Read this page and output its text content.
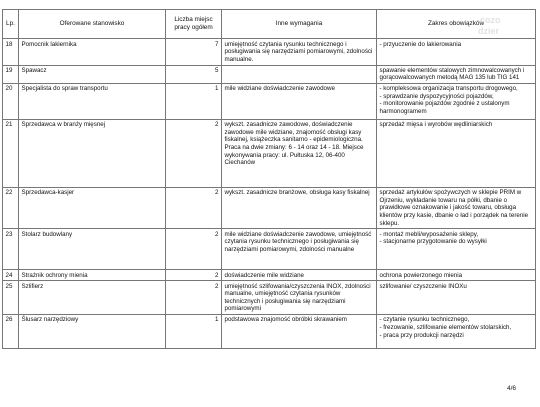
Lp.	Oferowane stanowisko	Liczba miejsc pracy ogółem	Inne wymagania	Zakres obowiązków
18	Pomocnik lakiernika	7	umiejętność czytania rysunku technicznego i posługiwania się narzędziami pomiarowymi, zdolności manualne.	- przyuczenie do lakierowania
19	Spawacz	5		spawanie elementów stalowych zimnowalcowanych i gorącowalcowanych metodą MAG 135 lub TIG 141
20	Specjalista do spraw transportu	1	mile widziane doświadczenie zawodowe	- kompleksowa organizacja transportu drogowego,
- sprawdzanie dyspozycyjności pojazdów,
- monitorowanie pojazdów zgodnie z ustalonym harmonogramem
21	Sprzedawca w branży mięsnej	2	wykszt. zasadnicze zawodowe, doświadczenie zawodowe mile widziane, znajomość obsługi kasy fiskalnej, książeczka sanitarno - epidemiologiczna. Praca na dwie zmiany: 6 - 14 oraz 14 - 18. Miejsce wykonywania pracy: ul. Pułtuska 12, 06-400 Ciechanów	sprzedaż mięsa i wyrobów wędliniarskich
22	Sprzedawca-kasjer	2	wykszt. zasadnicze branżowe, obsługa kasy fiskalnej	sprzedaż artykułów spożywczych w sklepie PRIM w Ojrzeniu, wykładanie towaru na półki, dbanie o prawidłowe oznakowanie i jakość towaru, obsługa klientów przy kasie, dbanie o ład i porządek na terenie sklepu.
23	Stolarz budowlany	2	mile widziane doświadczenie zawodowe, umiejętność czytania rysunku technicznego i posługiwania się narzędziami pomiarowymi, zdolności manualne	- montaż mebli/wyposażenie sklepy,
- stacjonarne przygotowanie do wysyłki
24	Strażnik ochrony mienia	2	doświadczenie mile widziane	ochrona powierzonego mienia
25	Szlifierz	2	umiejętność szlifowania/czyszczenia INOX, zdolności manualne, umiejętność czytania rysunków technicznych i posługiwania się narzędziami pomiarowymi	szlifowanie/ czyszczenie INOXu
26	Ślusarz narzędziowy	1	podstawowa znajomość obróbki skrawaniem	- czytanie rysunku technicznego,
- frezowanie, szlifowanie elementów stolarskich,
- praca przy produkcji narzędzi
cozo
dzier
4/6
